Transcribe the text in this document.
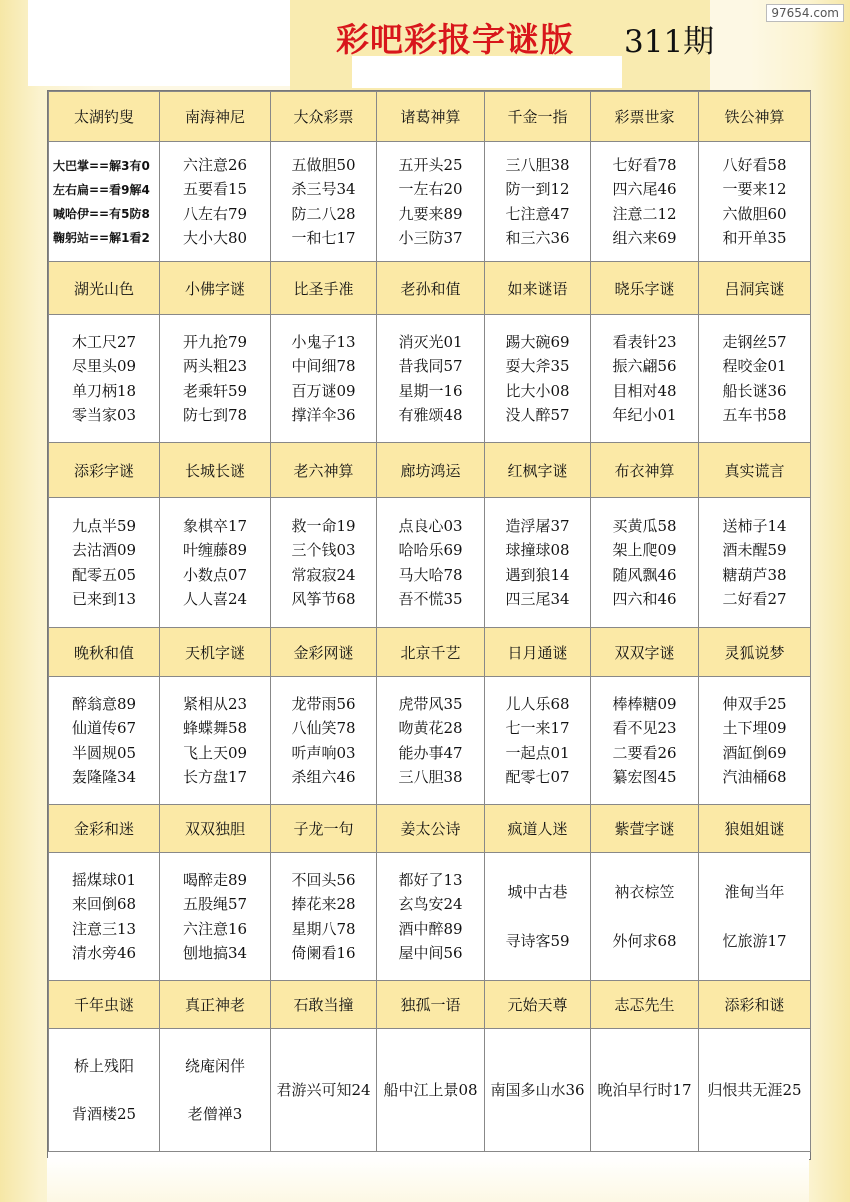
彩吧彩报字谜版 311期
97654.com
太湖钓叟	南海神尼	大众彩票	诸葛神算	千金一指	彩票世家	铁公神算

大巴掌==解3有0
左右扁==看9解4
喊哈伊==有5防8
鞠躬站==解1看2	六注意26
五要看15
八左右79
大小大80	五做胆50
杀三号34
防二八28
一和七17	五开头25
一左右20
九要来89
小三防37	三八胆38
防一到12
七注意47
和三六36	七好看78
四六尾46
注意二12
组六来69	八好看58
一要来12
六做胆60
和开单35

湖光山色	小佛字谜	比圣手准	老孙和值	如来谜语	晓乐字谜	吕洞宾谜

木工尺27
尽里头09
单刀柄18
零当家03	开九抢79
两头粗23
老乘轩59
防七到78	小鬼子13
中间细78
百万谜09
撑洋伞36	消灭光01
昔我同57
星期一16
有雅颂48	踢大碗69
耍大斧35
比大小08
没人醉57	看表针23
振六翩56
目相对48
年纪小01	走钢丝57
程咬金01
船长谜36
五车书58

添彩字谜	长城长谜	老六神算	廊坊鸿运	红枫字谜	布衣神算	真实谎言

九点半59
去沽酒09
配零五05
已来到13	象棋卒17
叶缠藤89
小数点07
人人喜24	救一命19
三个钱03
常寂寂24
风筝节68	点良心03
哈哈乐69
马大哈78
吾不慌35	造浮屠37
球撞球08
遇到狼14
四三尾34	买黄瓜58
架上爬09
随风飘46
四六和46	送柿子14
酒未醒59
糖葫芦38
二好看27

晚秋和值	天机字谜	金彩网谜	北京千艺	日月通谜	双双字谜	灵狐说梦

醉翁意89
仙道传67
半圆规05
轰隆隆34	紧相从23
蜂蝶舞58
飞上天09
长方盘17	龙带雨56
八仙笑78
听声响03
杀组六46	虎带风35
吻黄花28
能办事47
三八胆38	儿人乐68
七一来17
一起点01
配零七07	棒棒糖09
看不见23
二要看26
纂宏图45	伸双手25
土下埋09
酒缸倒69
汽油桶68

金彩和迷	双双独胆	子龙一句	姜太公诗	疯道人迷	紫萱字谜	狼姐姐谜

摇煤球01
来回倒68
注意三13
清水旁46	喝醉走89
五股绳57
六注意16
刨地搞34	不回头56
捧花来28
星期八78
倚阑看16	都好了13
玄鸟安24
酒中醉89
屋中间56	城中古巷
寻诗客59	衲衣棕笠
外何求68	淮甸当年
忆旅游17

千年虫谜	真正神老	石敢当撞	独孤一语	元始天尊	志忑先生	添彩和谜

桥上残阳
背酒楼25	绕庵闲伴
老僧禅3	君游兴可知24	船中江上景08	南国多山水36	晚泊早行时17	归恨共无涯25
